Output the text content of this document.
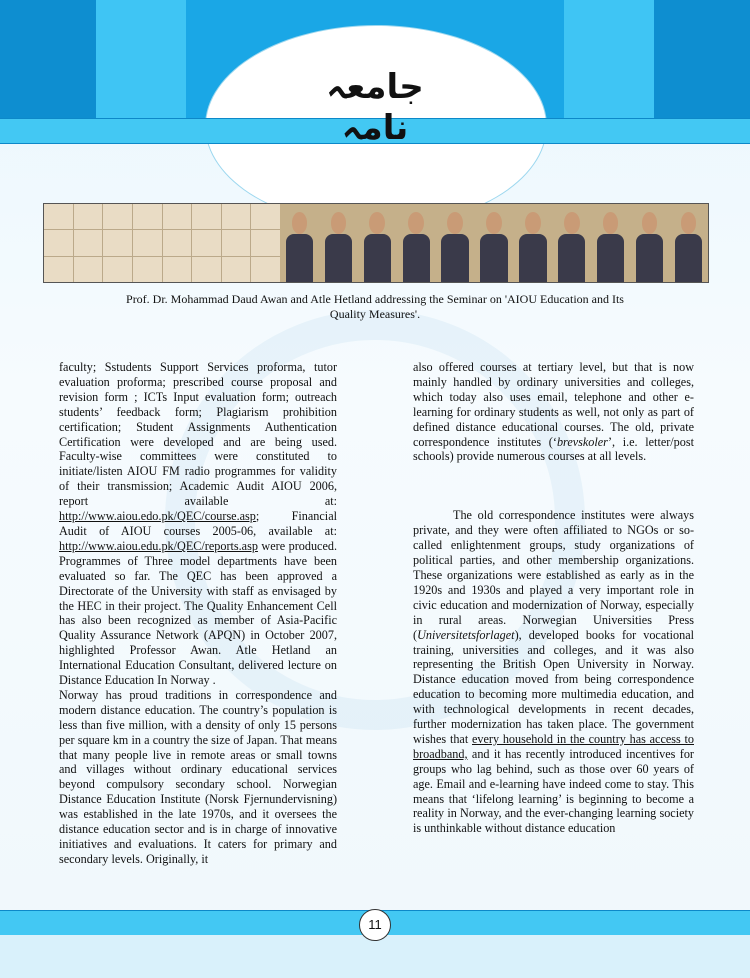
جامعہ نامہ
Prof. Dr. Mohammad Daud Awan and Atle Hetland addressing the Seminar on 'AIOU Education and Its Quality Measures'.

faculty; Sstudents Support Services proforma, tutor evaluation proforma; prescribed course proposal and revision form ; ICTs Input evaluation form; outreach students’ feedback form; Plagiarism prohibition certification; Student Assignments Authentication Certification were developed and are being used. Faculty-wise committees were constituted to initiate/listen AIOU FM radio programmes for validity of their transmission; Academic Audit AIOU 2006, report available at: http://www.aiou.edo.pk/QEC/course.asp; Financial Audit of AIOU courses 2005-06, available at: http://www.aiou.edu.pk/QEC/reports.asp were produced. Programmes of Three model departments have been evaluated so far. The QEC has been approved a Directorate of the University with staff as envisaged by the HEC in their project. The Quality Enhancement Cell has also been recognized as member of Asia-Pacific Quality Assurance Network (APQN) in October 2007, highlighted Professor Awan. Atle Hetland an International Education Consultant, delivered lecture on Distance Education In Norway .

Norway has proud traditions in correspondence and modern distance education. The country’s population is less than five million, with a density of only 15 persons per square km in a country the size of Japan. That means that many people live in remote areas or small towns and villages without ordinary educational services beyond compulsory secondary school. Norwegian Distance Education Institute (Norsk Fjernundervisning) was established in the late 1970s, and it oversees the distance education sector and is in charge of innovative initiatives and evaluations. It caters for primary and secondary levels. Originally, it

also offered courses at tertiary level, but that is now mainly handled by ordinary universities and colleges, which today also uses email, telephone and other e-learning for ordinary students as well, not only as part of defined distance educational courses. The old, private correspondence institutes (‘brevskoler’, i.e. letter/post schools) provide numerous courses at all levels.

The old correspondence institutes were always private, and they were often affiliated to NGOs or so-called enlightenment groups, study organizations of political parties, and other membership organizations. These organizations were established as early as in the 1920s and 1930s and played a very important role in civic education and modernization of Norway, especially in rural areas. Norwegian Universities Press (Universitetsforlaget), developed books for vocational training, universities and colleges, and it was also representing the British Open University in Norway. Distance education moved from being correspondence education to becoming more multimedia education, and with technological developments in recent decades, further modernization has taken place. The government wishes that every household in the country has access to broadband, and it has recently introduced incentives for groups who lag behind, such as those over 60 years of age. Email and e-learning have indeed come to stay. This means that ‘lifelong learning’ is beginning to become a reality in Norway, and the ever-changing learning society is unthinkable without distance education

11
